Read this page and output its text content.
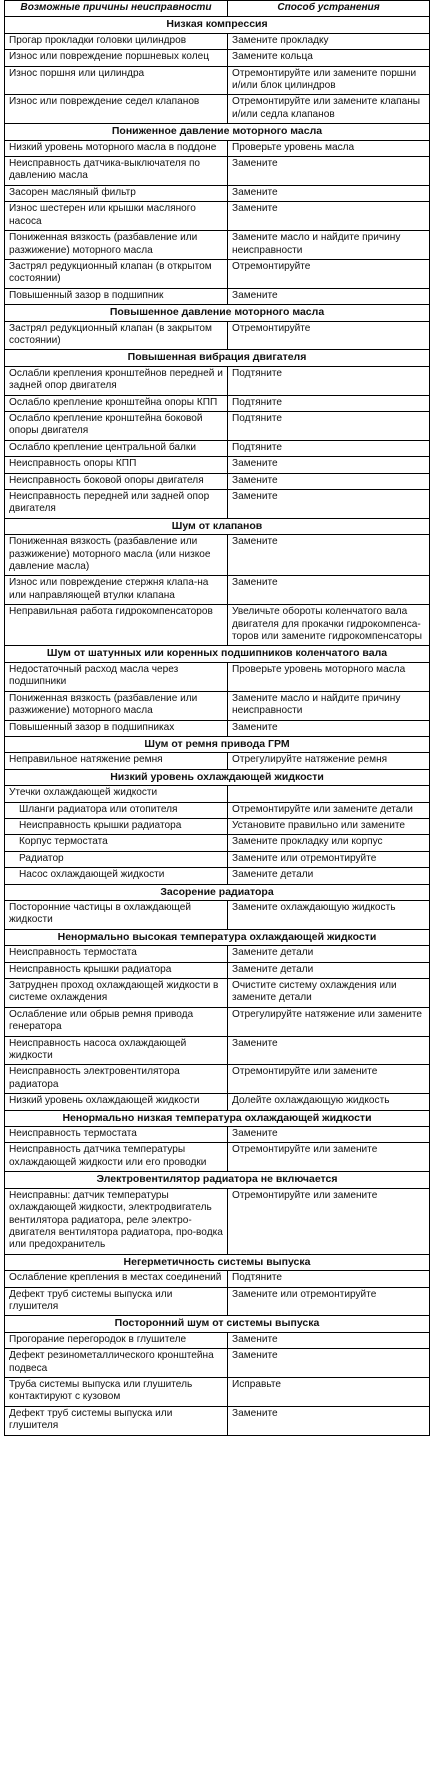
Возможные причины неисправности	Способ устранения
Низкая компрессия	
Прогар прокладки головки цилиндров	Замените прокладку
Износ или повреждение поршневых колец	Замените кольца
Износ поршня или цилиндра	Отремонтируйте или замените поршни и/или блок цилиндров
Износ или повреждение седел клапанов	Отремонтируйте или замените клапаны и/или седла клапанов
Пониженное давление моторного масла	
Низкий уровень моторного масла в поддоне	Проверьте уровень масла
Неисправность датчика-выключателя по давлению масла	Замените
Засорен масляный фильтр	Замените
Износ шестерен или крышки масляного насоса	Замените
Пониженная вязкость (разбавление или разжижение) моторного масла	Замените масло и найдите причину неисправности
Застрял редукционный клапан (в открытом состоянии)	Отремонтируйте
Повышенный зазор в подшипник	Замените
Повышенное давление моторного масла	
Застрял редукционный клапан (в закрытом состоянии)	Отремонтируйте
Повышенная вибрация двигателя	
Ослабли крепления кронштейнов передней и задней опор двигателя	Подтяните
Ослабло крепление кронштейна опоры КПП	Подтяните
Ослабло крепление кронштейна боковой опоры двигателя	Подтяните
Ослабло крепление центральной балки	Подтяните
Неисправность опоры КПП	Замените
Неисправность боковой опоры двигателя	Замените
Неисправность передней или задней опор двигателя	Замените
Шум от клапанов	
Пониженная вязкость (разбавление или разжижение) моторного масла (или низкое давление масла)	Замените
Износ или повреждение стержня клапа-на или направляющей втулки клапана	Замените
Неправильная работа гидрокомпенсаторов	Увеличьте обороты коленчатого вала двигателя для прокачки гидрокомпенса-торов или замените гидрокомпенсаторы
Шум от шатунных или коренных подшипников коленчатого вала	
Недостаточный расход масла через подшипники	Проверьте уровень моторного масла
Пониженная вязкость (разбавление или разжижение) моторного масла	Замените масло и найдите причину неисправности
Повышенный зазор в подшипниках	Замените
Шум от ремня привода ГРМ	
Неправильное натяжение ремня	Отрегулируйте натяжение ремня
Низкий уровень охлаждающей жидкости	
Утечки охлаждающей жидкости	
Шланги радиатора или отопителя	Отремонтируйте или замените детали
Неисправность крышки радиатора	Установите правильно или замените
Корпус термостата	Замените прокладку или корпус
Радиатор	Замените или отремонтируйте
Насос охлаждающей жидкости	Замените детали
Засорение радиатора	
Посторонние частицы в охлаждающей жидкости	Замените охлаждающую жидкость
Ненормально высокая температура охлаждающей жидкости	
Неисправность термостата	Замените детали
Неисправность крышки радиатора	Замените детали
Затруднен проход охлаждающей жидкости в системе охлаждения	Очистите систему охлаждения или замените детали
Ослабление или обрыв ремня привода генератора	Отрегулируйте натяжение или замените
Неисправность насоса охлаждающей жидкости	Замените
Неисправность электровентилятора радиатора	Отремонтируйте или замените
Низкий уровень охлаждающей жидкости	Долейте охлаждающую жидкость
Ненормально низкая температура охлаждающей жидкости	
Неисправность термостата	Замените
Неисправность датчика температуры охлаждающей жидкости или его проводки	Отремонтируйте или замените
Электровентилятор радиатора не включается	
Неисправны: датчик температуры охлаждающей жидкости, электродвигатель вентилятора радиатора, реле электро-двигателя вентилятора радиатора, про-водка или предохранитель	Отремонтируйте или замените
Негерметичность системы выпуска	
Ослабление крепления в местах соединений	Подтяните
Дефект труб системы выпуска или глушителя	Замените или отремонтируйте
Посторонний шум от системы выпуска	
Прогорание перегородок в глушителе	Замените
Дефект резинометаллического кронштейна подвеса	Замените
Труба системы выпуска или глушитель контактируют с кузовом	Исправьте
Дефект труб системы выпуска или глушителя	Замените
